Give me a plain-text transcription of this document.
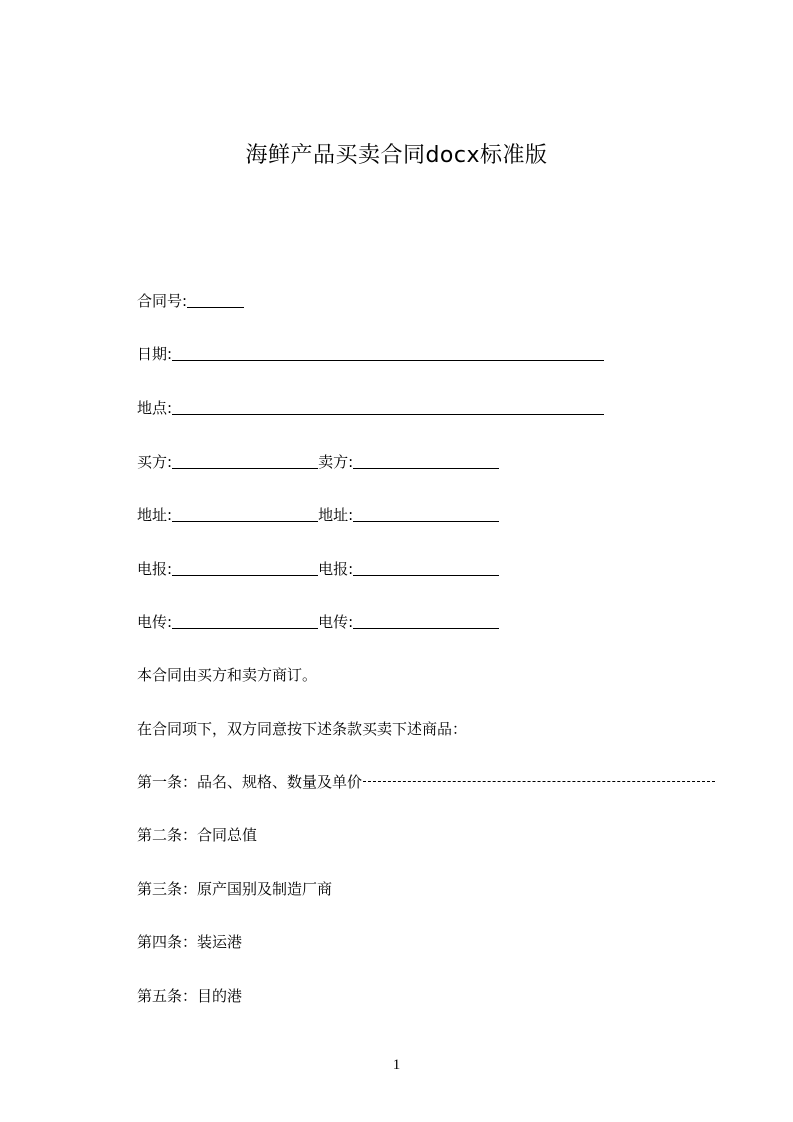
海鲜产品买卖合同docx标准版
合同号:
日期:
地点:
买方:	卖方:
地址:	地址:
电报:	电报:
电传:	电传:
本合同由买方和卖方商订。
在合同项下，双方同意按下述条款买卖下述商品：
第一条：品名、规格、数量及单价
第二条：合同总值
第三条：原产国别及制造厂商
第四条：装运港
第五条：目的港
1
